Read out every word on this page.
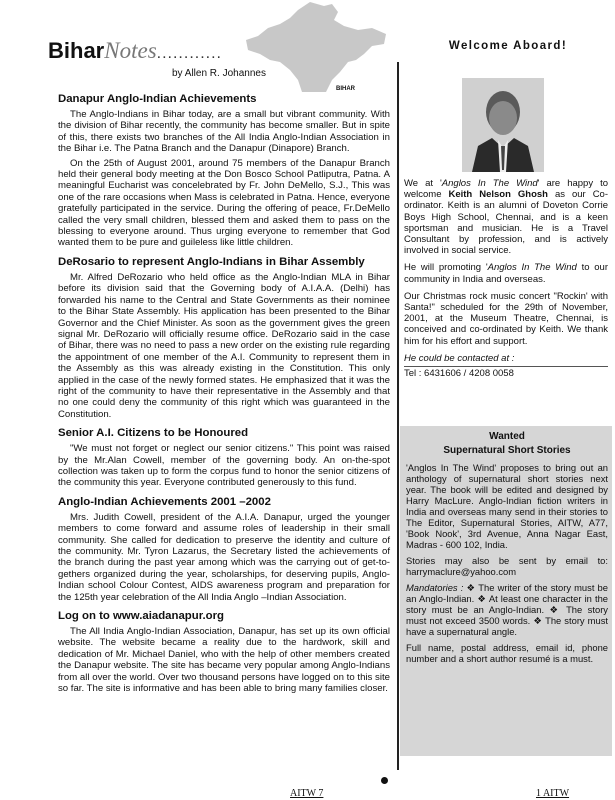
BiharNotes............
by Allen R. Johannes
BIHAR
Danapur Anglo-Indian Achievements

The Anglo-Indians in Bihar today, are a small but vibrant community. With the division of Bihar recently, the community has become smaller. But in spite of this, there exists two branches of the All India Anglo-Indian Association in the Bihar i.e. The Patna Branch and the Danapur (Dinapore) Branch.

On the 25th of August 2001, around 75 members of the Danapur Branch held their general body meeting at the Don Bosco School Patliputra, Patna. A meaningful Eucharist was concelebrated by Fr. John DeMello, S.J., This was one of the rare occasions when Mass is celebrated in Patna. Hence, everyone gratefully participated in the service. During the offering of peace, Fr.DeMello called the very small children, blessed them and asked them to pass on the blessing to everyone around. Thus urging everyone to remember that God wanted them to be pure and guileless like little children.

DeRosario to represent Anglo-Indians in Bihar Assembly

Mr. Alfred DeRozario who held office as the Anglo-Indian MLA in Bihar before its division said that the Governing body of A.I.A.A. (Delhi) has forwarded his name to the Central and State Governments as their nominee to the Bihar State Assembly. His application has been presented to the Bihar Governor and the Chief Minister. As soon as the government gives the green signal Mr. DeRozario will officially resume office. DeRozario said in the case of Bihar, there was no need to pass a new order on the existing rule regarding the appointment of one member of the A.I. Community to represent them in the Assembly as this was already existing in the Constitution. This only applied in the case of the newly formed states. He emphasized that it was the right of the community to have their representative in the Assembly and that no one could deny the community of this right which was guaranteed in the Constitution.

Senior A.I. Citizens to be Honoured

"We must not forget or neglect our senior citizens." This point was raised by the Mr.Alan Cowell, member of the governing body. An on-the-spot collection was taken up to form the corpus fund to honor the senior citizens of the community this year. Everyone contributed generously to this fund.

Anglo-Indian Achievements 2001 –2002

Mrs. Judith Cowell, president of the A.I.A. Danapur, urged the younger members to come forward and assume roles of leadership in their small community. She called for dedication to preserve the identity and culture of the community. Mr. Tyron Lazarus, the Secretary listed the achievements of the branch during the past year among which was the carrying out of get-to-gethers organized during the year, scholarships, for deserving pupils, Anglo-Indian school Colour Contest, AIDS awareness program and preparation for the 125th year celebration of the All India Anglo –Indian Association.

Log on to www.aiadanapur.org

The All India Anglo-Indian Association, Danapur, has set up its own official website. The website became a reality due to the hardwork, skill and dedication of Mr. Michael Daniel, who with the help of other members created the Danapur website. The site has became very popular among Anglo-Indians from all over the world. Over two thousand persons have logged on to this site so far. The site is informative and has been able to bring many families closer.

Welcome Aboard!

We at 'Anglos In The Wind' are happy to welcome Keith Nelson Ghosh as our Co-ordinator. Keith is an alumni of Doveton Corrie Boys High School, Chennai, and is a keen sportsman and musician. He is a Travel Consultant by profession, and is actively involved in social service.

He will promoting 'Anglos In The Wind to our community in India and overseas.

Our Christmas rock music concert "Rockin' with Santa!" scheduled for the 29th of November, 2001, at the Museum Theatre, Chennai, is conceived and co-ordinated by Keith. We thank him for his effort and support.

He could be contacted at :

Tel : 6431606 / 4208 0058
Wanted
Supernatural Short Stories

'Anglos In The Wind' proposes to bring out an anthology of supernatural short stories next year. The book will be edited and designed by Harry MacLure. Anglo-Indian fiction writers in India and overseas many send in their stories to The Editor, Supernatural Stories, AITW, A77, 'Book Nook', 3rd Avenue, Anna Nagar East, Madras - 600 102, India.

Stories may also be sent by email to: harrymaclure@yahoo.com

Mandatories : ❖ The writer of the story must be an Anglo-Indian. ❖ At least one character in the story must be an Anglo-Indian. ❖ The story must not exceed 3500 words. ❖ The story must have a supernatural angle.

Full name, postal address, email id, phone number and a short author resumé is a must.

AITW 7	1 AITW
